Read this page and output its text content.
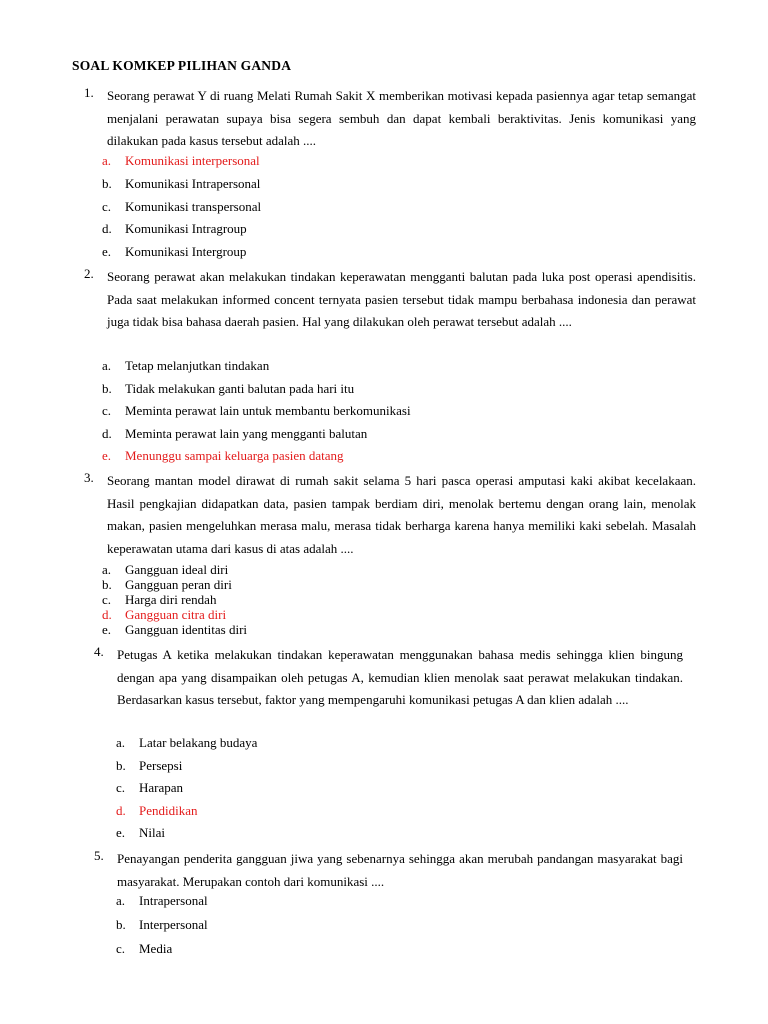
SOAL KOMKEP PILIHAN GANDA
1. Seorang perawat Y di ruang Melati Rumah Sakit X memberikan motivasi kepada pasiennya agar tetap semangat menjalani perawatan supaya bisa segera sembuh dan dapat kembali beraktivitas. Jenis komunikasi yang dilakukan pada kasus tersebut adalah ....
a. Komunikasi interpersonal
b. Komunikasi Intrapersonal
c. Komunikasi transpersonal
d. Komunikasi Intragroup
e. Komunikasi Intergroup
2. Seorang perawat akan melakukan tindakan keperawatan mengganti balutan pada luka post operasi apendisitis. Pada saat melakukan informed concent ternyata pasien tersebut tidak mampu berbahasa indonesia dan perawat juga tidak bisa bahasa daerah pasien. Hal yang dilakukan oleh perawat tersebut adalah ....
a. Tetap melanjutkan tindakan
b. Tidak melakukan ganti balutan pada hari itu
c. Meminta perawat lain untuk membantu berkomunikasi
d. Meminta perawat lain yang mengganti balutan
e. Menunggu sampai keluarga pasien datang
3. Seorang mantan model dirawat di rumah sakit selama 5 hari pasca operasi amputasi kaki akibat kecelakaan. Hasil pengkajian didapatkan data, pasien tampak berdiam diri, menolak bertemu dengan orang lain, menolak makan, pasien mengeluhkan merasa malu, merasa tidak berharga karena hanya memiliki kaki sebelah. Masalah keperawatan utama dari kasus di atas adalah ....
a. Gangguan ideal diri
b. Gangguan peran diri
c. Harga diri rendah
d. Gangguan citra diri
e. Gangguan identitas diri
4. Petugas A ketika melakukan tindakan keperawatan menggunakan bahasa medis sehingga klien bingung dengan apa yang disampaikan oleh petugas A, kemudian klien menolak saat perawat melakukan tindakan. Berdasarkan kasus tersebut, faktor yang mempengaruhi komunikasi petugas A dan klien adalah ....
a. Latar belakang budaya
b. Persepsi
c. Harapan
d. Pendidikan
e. Nilai
5. Penayangan penderita gangguan jiwa yang sebenarnya sehingga akan merubah pandangan masyarakat bagi masyarakat. Merupakan contoh dari komunikasi ....
a. Intrapersonal
b. Interpersonal
c. Media
